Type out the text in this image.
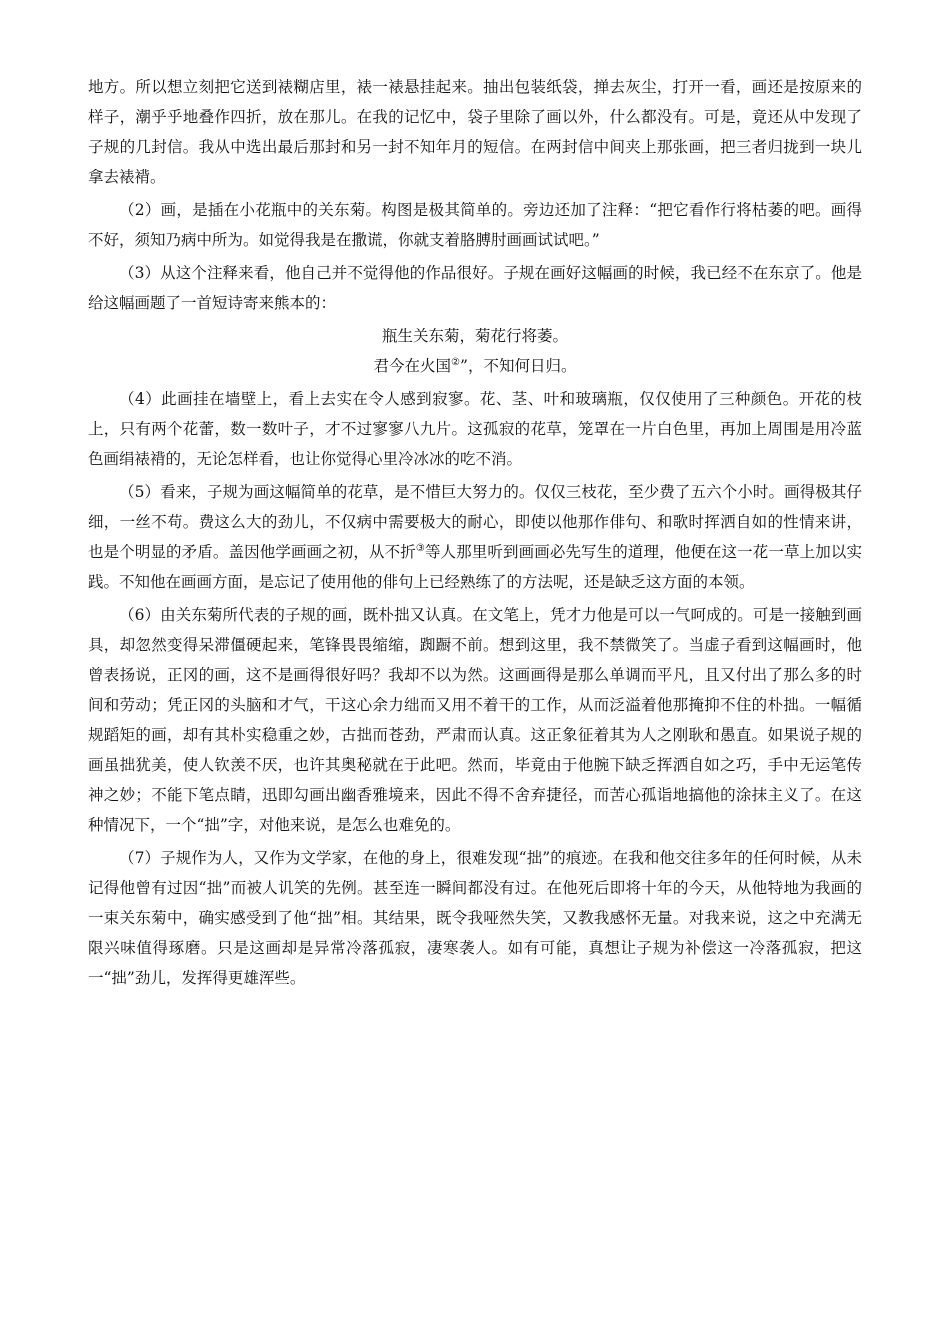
地方。所以想立刻把它送到裱糊店里，裱一裱悬挂起来。抽出包装纸袋，掸去灰尘，打开一看，画还是按原来的样子，潮乎乎地叠作四折，放在那儿。在我的记忆中，袋子里除了画以外，什么都没有。可是，竟还从中发现了子规的几封信。我从中选出最后那封和另一封不知年月的短信。在两封信中间夹上那张画，把三者归拢到一块儿拿去裱褙。

（2）画，是插在小花瓶中的关东菊。构图是极其简单的。旁边还加了注释：“把它看作行将枯萎的吧。画得不好，须知乃病中所为。如觉得我是在撒谎，你就支着胳膊肘画画试试吧。”

（3）从这个注释来看，他自己并不觉得他的作品很好。子规在画好这幅画的时候，我已经不在东京了。他是给这幅画题了一首短诗寄来熊本的：

瓶生关东菊，菊花行将萎。
君今在火国②”，不知何日归。

（4）此画挂在墙壁上，看上去实在令人感到寂寥。花、茎、叶和玻璃瓶，仅仅使用了三种颜色。开花的枝上，只有两个花蕾，数一数叶子，才不过寥寥八九片。这孤寂的花草，笼罩在一片白色里，再加上周围是用冷蓝色画绢裱褙的，无论怎样看，也让你觉得心里冷冰冰的吃不消。

（5）看来，子规为画这幅简单的花草，是不惜巨大努力的。仅仅三枝花，至少费了五六个小时。画得极其仔细，一丝不苟。费这么大的劲儿，不仅病中需要极大的耐心，即使以他那作俳句、和歌时挥洒自如的性情来讲，也是个明显的矛盾。盖因他学画画之初，从不折③等人那里听到画画必先写生的道理，他便在这一花一草上加以实践。不知他在画画方面，是忘记了使用他的俳句上已经熟练了的方法呢，还是缺乏这方面的本领。

（6）由关东菊所代表的子规的画，既朴拙又认真。在文笔上，凭才力他是可以一气呵成的。可是一接触到画具，却忽然变得呆滞僵硬起来，笔锋畏畏缩缩，踟蹰不前。想到这里，我不禁微笑了。当虚子看到这幅画时，他曾表扬说，正冈的画，这不是画得很好吗？我却不以为然。这画画得是那么单调而平凡，且又付出了那么多的时间和劳动；凭正冈的头脑和才气，干这心余力绌而又用不着干的工作，从而泛溢着他那掩抑不住的朴拙。一幅循规蹈矩的画，却有其朴实稳重之妙，古拙而苍劲，严肃而认真。这正象征着其为人之刚耿和愚直。如果说子规的画虽拙犹美，使人钦羡不厌，也许其奥秘就在于此吧。然而，毕竟由于他腕下缺乏挥洒自如之巧，手中无运笔传神之妙；不能下笔点睛，迅即勾画出幽香雅境来，因此不得不舍弃捷径，而苦心孤诣地搞他的涂抹主义了。在这种情况下，一个“拙”字，对他来说，是怎么也难免的。

（7）子规作为人，又作为文学家，在他的身上，很难发现“拙”的痕迹。在我和他交往多年的任何时候，从未记得他曾有过因“拙”而被人讥笑的先例。甚至连一瞬间都没有过。在他死后即将十年的今天，从他特地为我画的一束关东菊中，确实感受到了他“拙”相。其结果，既令我哑然失笑，又教我感怀无量。对我来说，这之中充满无限兴味值得琢磨。只是这画却是异常冷落孤寂，凄寒袭人。如有可能，真想让子规为补偿这一冷落孤寂，把这一“拙”劲儿，发挥得更雄浑些。
